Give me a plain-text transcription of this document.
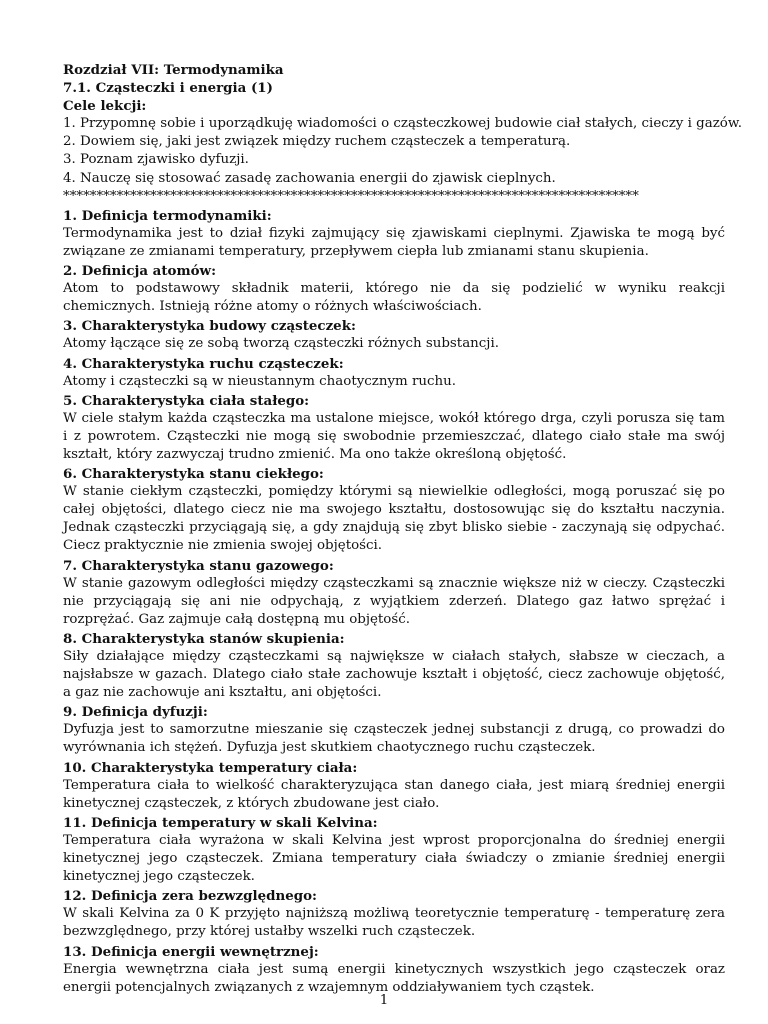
Rozdział VII: Termodynamika
7.1. Cząsteczki i energia (1)
Cele lekcji:
1. Przypomnę sobie i uporządkuję wiadomości o cząsteczkowej budowie ciał stałych, cieczy i gazów.
2. Dowiem się, jaki jest związek między ruchem cząsteczek a temperaturą.
3. Poznam zjawisko dyfuzji.
4. Nauczę się stosować zasadę zachowania energii do zjawisk cieplnych.
**************************************************************************************
1. Definicja termodynamiki:
Termodynamika jest to dział fizyki zajmujący się zjawiskami cieplnymi. Zjawiska te mogą być związane ze zmianami temperatury, przepływem ciepła lub zmianami stanu skupienia.
2. Definicja atomów:
Atom to podstawowy składnik materii, którego nie da się podzielić w wyniku reakcji chemicznych. Istnieją różne atomy o różnych właściwościach.
3. Charakterystyka budowy cząsteczek:
Atomy łączące się ze sobą tworzą cząsteczki różnych substancji.
4. Charakterystyka ruchu cząsteczek:
Atomy i cząsteczki są w nieustannym chaotycznym ruchu.
5. Charakterystyka ciała stałego:
W ciele stałym każda cząsteczka ma ustalone miejsce, wokół którego drga, czyli porusza się tam i z powrotem. Cząsteczki nie mogą się swobodnie przemieszczać, dlatego ciało stałe ma swój kształt, który zazwyczaj trudno zmienić. Ma ono także określoną objętość.
6. Charakterystyka stanu ciekłego:
W stanie ciekłym cząsteczki, pomiędzy którymi są niewielkie odległości, mogą poruszać się po całej objętości, dlatego ciecz nie ma swojego kształtu, dostosowując się do kształtu naczynia. Jednak cząsteczki przyciągają się, a gdy znajdują się zbyt blisko siebie - zaczynają się odpychać. Ciecz praktycznie nie zmienia swojej objętości.
7. Charakterystyka stanu gazowego:
W stanie gazowym odległości między cząsteczkami są znacznie większe niż w cieczy. Cząsteczki nie przyciągają się ani nie odpychają, z wyjątkiem zderzeń. Dlatego gaz łatwo sprężać i rozprężać. Gaz zajmuje całą dostępną mu objętość.
8. Charakterystyka stanów skupienia:
Siły działające między cząsteczkami są największe w ciałach stałych, słabsze w cieczach, a najsłabsze w gazach. Dlatego ciało stałe zachowuje kształt i objętość, ciecz zachowuje objętość, a gaz nie zachowuje ani kształtu, ani objętości.
9. Definicja dyfuzji:
Dyfuzja jest to samorzutne mieszanie się cząsteczek jednej substancji z drugą, co prowadzi do wyrównania ich stężeń. Dyfuzja jest skutkiem chaotycznego ruchu cząsteczek.
10. Charakterystyka temperatury ciała:
Temperatura ciała to wielkość charakteryzująca stan danego ciała, jest miarą średniej energii kinetycznej cząsteczek, z których zbudowane jest ciało.
11. Definicja temperatury w skali Kelvina:
Temperatura ciała wyrażona w skali Kelvina jest wprost proporcjonalna do średniej energii kinetycznej jego cząsteczek. Zmiana temperatury ciała świadczy o zmianie średniej energii kinetycznej jego cząsteczek.
12. Definicja zera bezwzględnego:
W skali Kelvina za 0 K przyjęto najniższą możliwą teoretycznie temperaturę - temperaturę zera bezwzględnego, przy której ustałby wszelki ruch cząsteczek.
13. Definicja energii wewnętrznej:
Energia wewnętrzna ciała jest sumą energii kinetycznych wszystkich jego cząsteczek oraz energii potencjalnych związanych z wzajemnym oddziaływaniem tych cząstek.
1
